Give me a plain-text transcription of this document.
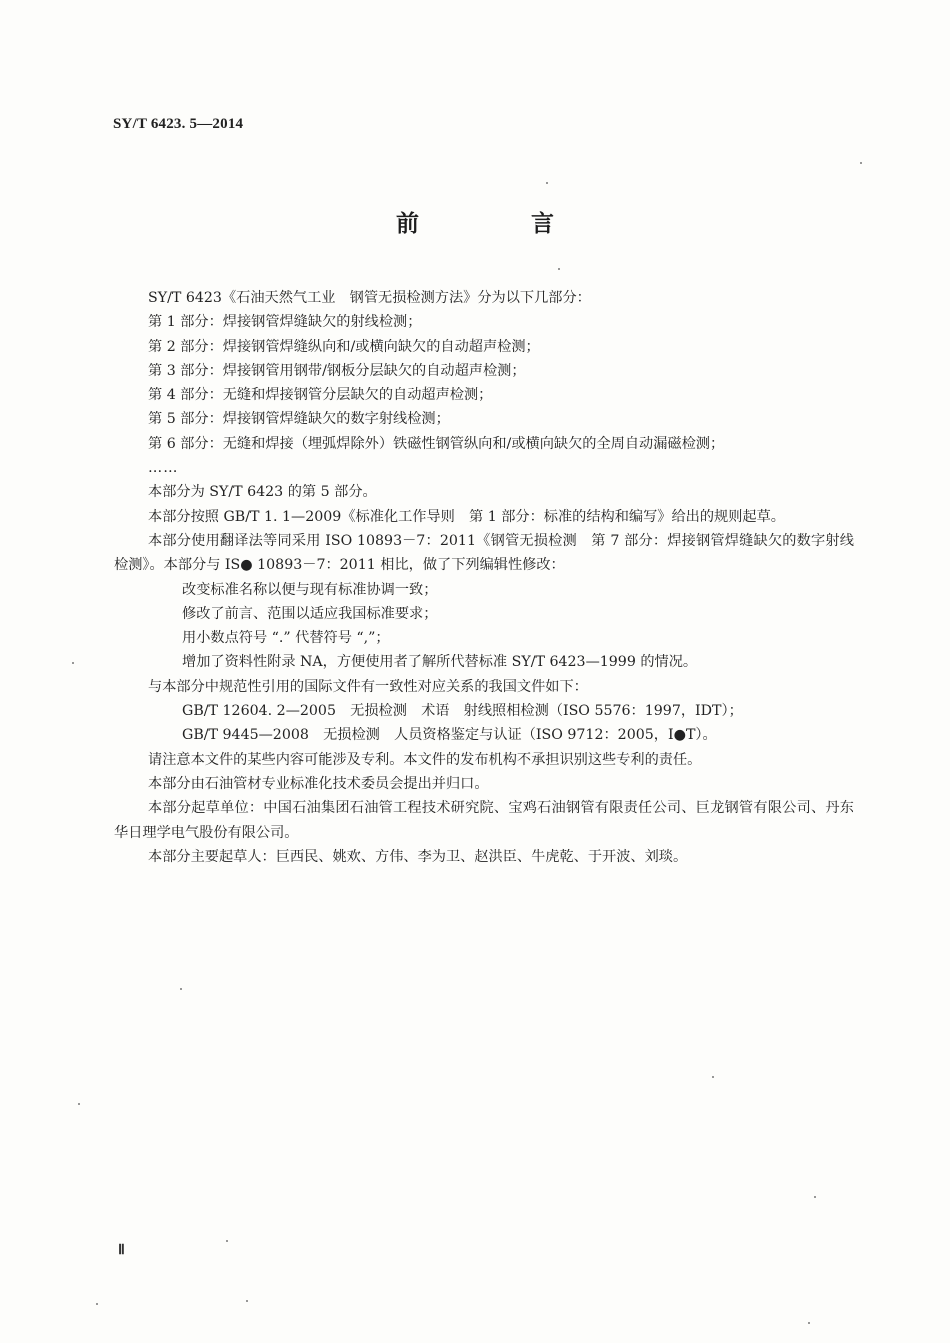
SY/T 6423. 5—2014
前 言

SY/T 6423《石油天然气工业　钢管无损检测方法》分为以下几部分：

第 1 部分：焊接钢管焊缝缺欠的射线检测；

第 2 部分：焊接钢管焊缝纵向和/或横向缺欠的自动超声检测；

第 3 部分：焊接钢管用钢带/钢板分层缺欠的自动超声检测；

第 4 部分：无缝和焊接钢管分层缺欠的自动超声检测；

第 5 部分：焊接钢管焊缝缺欠的数字射线检测；

第 6 部分：无缝和焊接（埋弧焊除外）铁磁性钢管纵向和/或横向缺欠的全周自动漏磁检测；

……

本部分为 SY/T 6423 的第 5 部分。

本部分按照 GB/T 1. 1—2009《标准化工作导则　第 1 部分：标准的结构和编写》给出的规则起草。

本部分使用翻译法等同采用 ISO 10893－7：2011《钢管无损检测　第 7 部分：焊接钢管焊缝缺欠的数字射线检测》。本部分与 IS● 10893－7：2011 相比，做了下列编辑性修改：

改变标准名称以便与现有标准协调一致；

修改了前言、范围以适应我国标准要求；

用小数点符号 “.” 代替符号 “,”；

增加了资料性附录 NA，方便使用者了解所代替标准 SY/T 6423—1999 的情况。

与本部分中规范性引用的国际文件有一致性对应关系的我国文件如下：

GB/T 12604. 2—2005　无损检测　术语　射线照相检测（ISO 5576：1997，IDT）；

GB/T 9445—2008　无损检测　人员资格鉴定与认证（ISO 9712：2005，I●T）。

请注意本文件的某些内容可能涉及专利。本文件的发布机构不承担识别这些专利的责任。

本部分由石油管材专业标准化技术委员会提出并归口。

本部分起草单位：中国石油集团石油管工程技术研究院、宝鸡石油钢管有限责任公司、巨龙钢管有限公司、丹东华日理学电气股份有限公司。

本部分主要起草人：巨西民、姚欢、方伟、李为卫、赵洪臣、牛虎乾、于开波、刘琰。

Ⅱ
